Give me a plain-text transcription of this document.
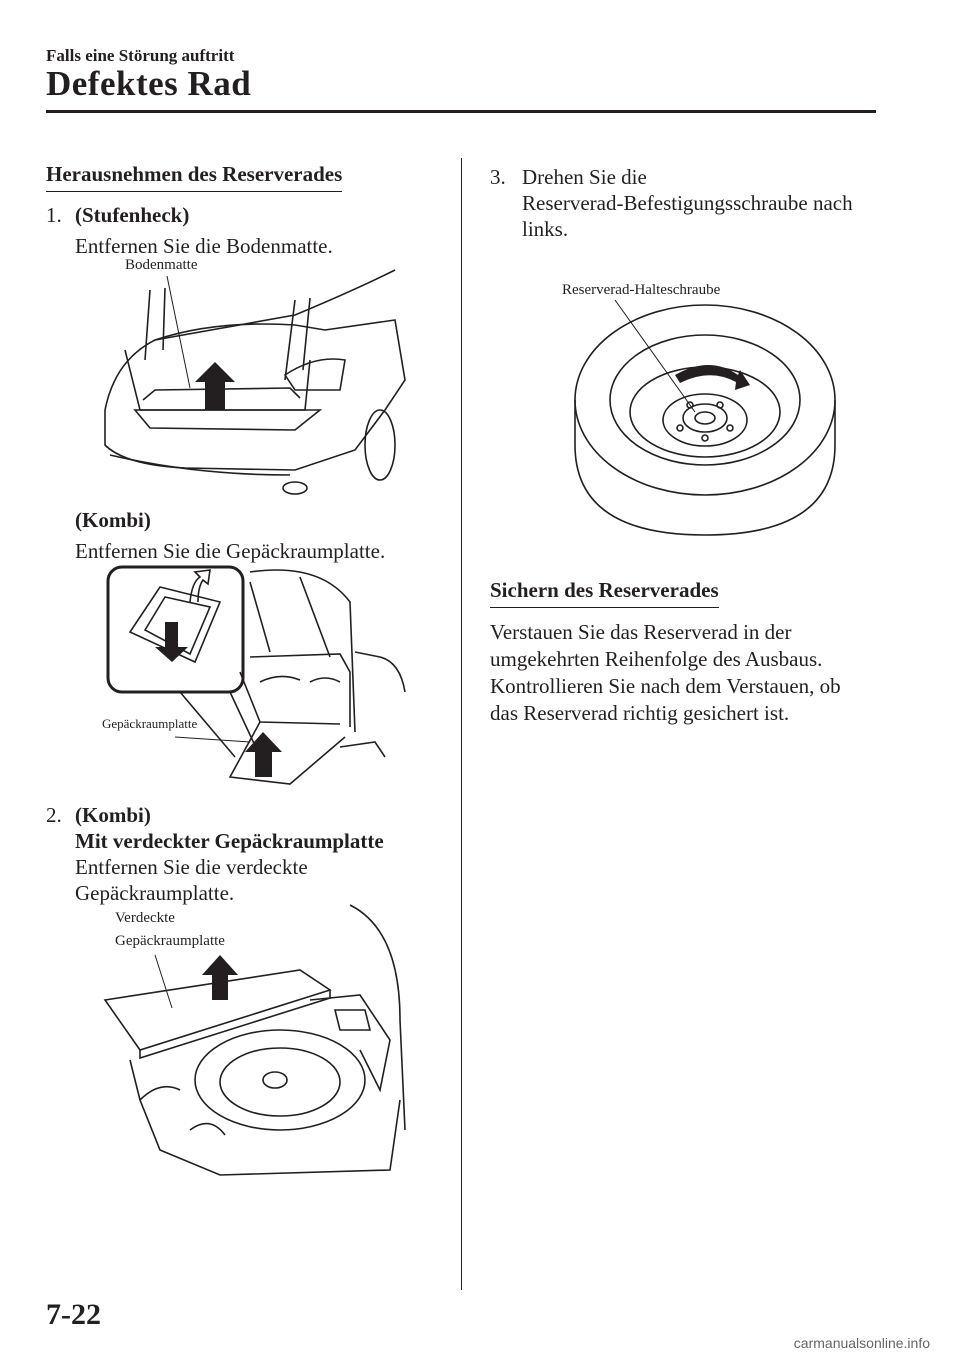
Falls eine Störung auftritt
Defektes Rad
Herausnehmen des Reserverades
1. (Stufenheck)
Entfernen Sie die Bodenmatte.
Bodenmatte
(Kombi)
Entfernen Sie die Gepäckraumplatte.
Gepäckraumplatte
2. (Kombi)
Mit verdeckter Gepäckraumplatte
Entfernen Sie die verdeckte
Gepäckraumplatte.
Verdeckte
Gepäckraumplatte
3. Drehen Sie die
Reserverad-Befestigungsschraube nach
links.
Reserverad-Halteschraube
Sichern des Reserverades
Verstauen Sie das Reserverad in der
umgekehrten Reihenfolge des Ausbaus.
Kontrollieren Sie nach dem Verstauen, ob
das Reserverad richtig gesichert ist.
7-22
carmanualsonline.info
